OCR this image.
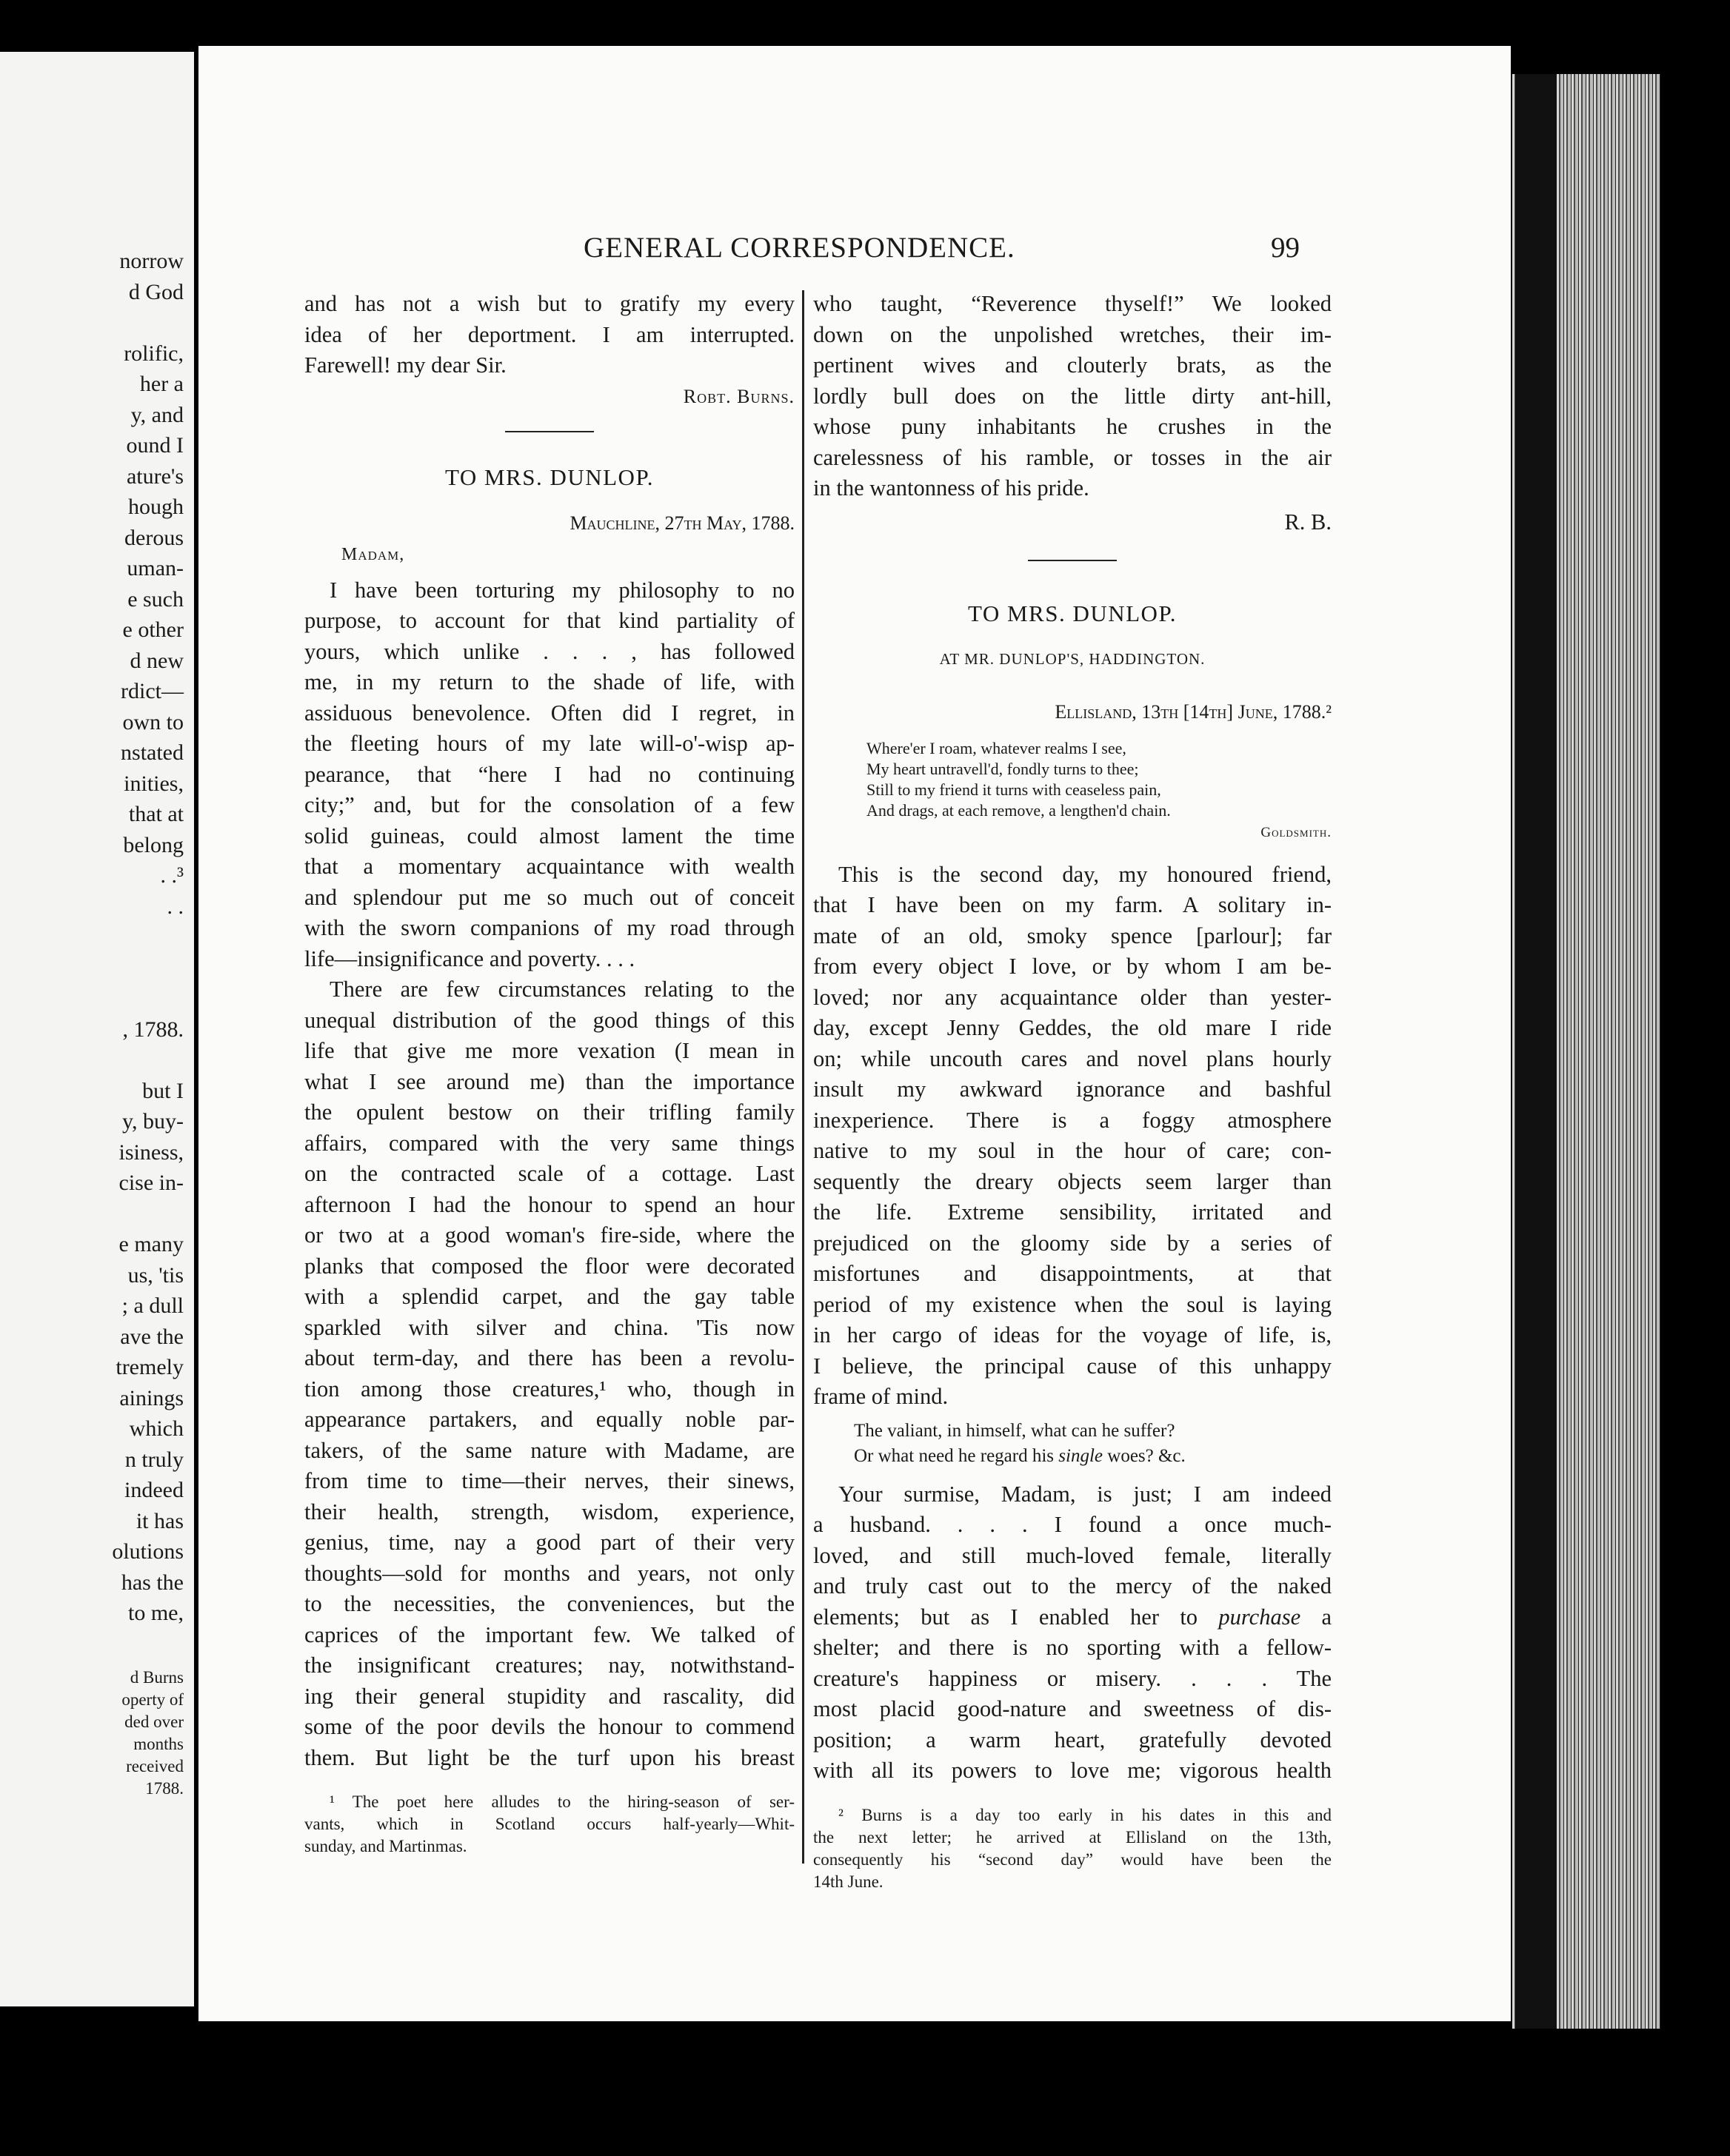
norrow
d God
rolific,
her a
y, and
ound I
ature's
hough
derous
uman-
e such
e other
d new
rdict—
own to
nstated
inities,
that at
belong
. .³
. .
, 1788.
but I
y, buy-
isiness,
cise in-
e many
us, 'tis
; a dull
ave the
tremely
ainings
which
n truly
indeed
it has
olutions
has the
to me,
d Burns
operty of
ded over
months
received
1788.
GENERAL CORRESPONDENCE.	99
and has not a wish but to gratify my every
idea of her deportment. I am interrupted.
Farewell! my dear Sir.
Robt. Burns.
TO MRS. DUNLOP.
Mauchline, 27th May, 1788.
Madam,
I have been torturing my philosophy to no
purpose, to account for that kind partiality of
yours, which unlike . . . , has followed
me, in my return to the shade of life, with
assiduous benevolence. Often did I regret, in
the fleeting hours of my late will-o'-wisp ap-
pearance, that “here I had no continuing
city;” and, but for the consolation of a few
solid guineas, could almost lament the time
that a momentary acquaintance with wealth
and splendour put me so much out of conceit
with the sworn companions of my road through
life—insignificance and poverty. . . .
There are few circumstances relating to the
unequal distribution of the good things of this
life that give me more vexation (I mean in
what I see around me) than the importance
the opulent bestow on their trifling family
affairs, compared with the very same things
on the contracted scale of a cottage. Last
afternoon I had the honour to spend an hour
or two at a good woman's fire-side, where the
planks that composed the floor were decorated
with a splendid carpet, and the gay table
sparkled with silver and china. 'Tis now
about term-day, and there has been a revolu-
tion among those creatures,¹ who, though in
appearance partakers, and equally noble par-
takers, of the same nature with Madame, are
from time to time—their nerves, their sinews,
their health, strength, wisdom, experience,
genius, time, nay a good part of their very
thoughts—sold for months and years, not only
to the necessities, the conveniences, but the
caprices of the important few. We talked of
the insignificant creatures; nay, notwithstand-
ing their general stupidity and rascality, did
some of the poor devils the honour to commend
them. But light be the turf upon his breast
¹ The poet here alludes to the hiring-season of ser-
vants, which in Scotland occurs half-yearly—Whit-
sunday, and Martinmas.
who taught, “Reverence thyself!” We looked
down on the unpolished wretches, their im-
pertinent wives and clouterly brats, as the
lordly bull does on the little dirty ant-hill,
whose puny inhabitants he crushes in the
carelessness of his ramble, or tosses in the air
in the wantonness of his pride.
R. B.
TO MRS. DUNLOP.
AT MR. DUNLOP'S, HADDINGTON.
Ellisland, 13th [14th] June, 1788.²
Where'er I roam, whatever realms I see,
My heart untravell'd, fondly turns to thee;
Still to my friend it turns with ceaseless pain,
And drags, at each remove, a lengthen'd chain.
Goldsmith.
This is the second day, my honoured friend,
that I have been on my farm. A solitary in-
mate of an old, smoky spence [parlour]; far
from every object I love, or by whom I am be-
loved; nor any acquaintance older than yester-
day, except Jenny Geddes, the old mare I ride
on; while uncouth cares and novel plans hourly
insult my awkward ignorance and bashful
inexperience. There is a foggy atmosphere
native to my soul in the hour of care; con-
sequently the dreary objects seem larger than
the life. Extreme sensibility, irritated and
prejudiced on the gloomy side by a series of
misfortunes and disappointments, at that
period of my existence when the soul is laying
in her cargo of ideas for the voyage of life, is,
I believe, the principal cause of this unhappy
frame of mind.
The valiant, in himself, what can he suffer?
Or what need he regard his single woes? &c.
Your surmise, Madam, is just; I am indeed
a husband. . . . I found a once much-
loved, and still much-loved female, literally
and truly cast out to the mercy of the naked
elements; but as I enabled her to purchase a
shelter; and there is no sporting with a fellow-
creature's happiness or misery. . . . The
most placid good-nature and sweetness of dis-
position; a warm heart, gratefully devoted
with all its powers to love me; vigorous health
² Burns is a day too early in his dates in this and
the next letter; he arrived at Ellisland on the 13th,
consequently his “second day” would have been the
14th June.
